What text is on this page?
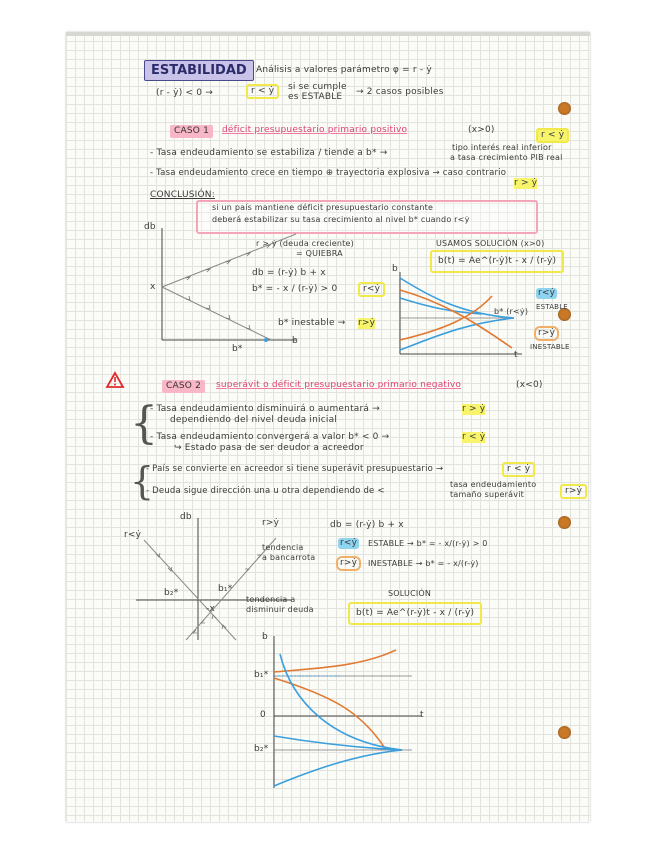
ESTABILIDAD	Análisis a valores parámetro φ = r - ẏ
(r - ẏ) < 0 →	r < ẏ	si se cumple
es ESTABLE → 2 casos posibles
CASO 1	déficit presupuestario primario positivo	(x>0)	r < ẏ
- Tasa endeudamiento se estabiliza / tiende a b* →
tipo interés real inferior
a tasa crecimiento PIB real
- Tasa endeudamiento crece en tiempo ⊕ trayectoria explosiva → caso contrario
r > ẏ
CONCLUSIÓN:
si un país mantiene déficit presupuestario constante
deberá estabilizar su tasa crecimiento al nivel b* cuando r<ẏ
db
x
b
b*
r > ẏ (deuda creciente)
= QUIEBRA
db = (r-ẏ) b + x
b* = - x / (r-ẏ) > 0	r<ẏ
b* inestable → r>ẏ
USAMOS SOLUCIÓN (x>0)
b(t) = Ae^(r-ẏ)t - x / (r-ẏ)
b
t
b* (r<ẏ)
r<ẏ
ESTABLE
r>ẏ
INESTABLE
CASO 2	superávit o déficit presupuestario primario negativo	(x<0)
{
- Tasa endeudamiento disminuirá o aumentará →
dependiendo del nivel deuda inicial
r > ẏ
- Tasa endeudamiento convergerá a valor b* < 0 →
↪ Estado pasa de ser deudor a acreedor
r < ẏ
{
- País se convierte en acreedor si tiene superávit presupuestario →	r < ẏ
- Deuda sigue dirección una u otra dependiendo de <
tasa endeudamiento
tamaño superávit	r>ẏ
db
r<ẏ
r>ẏ
b₁*
b₂*
-x
tendencia
a bancarrota
tendencia a
disminuir deuda
db = (r-ẏ) b + x
r<ẏ ESTABLE → b* = - x/(r-ẏ) > 0
r>ẏ	INESTABLE → b* = - x/(r-ẏ)
SOLUCIÓN
b(t) = Ae^(r-ẏ)t - x / (r-ẏ)
b
t
0
b₁*
b₂*
